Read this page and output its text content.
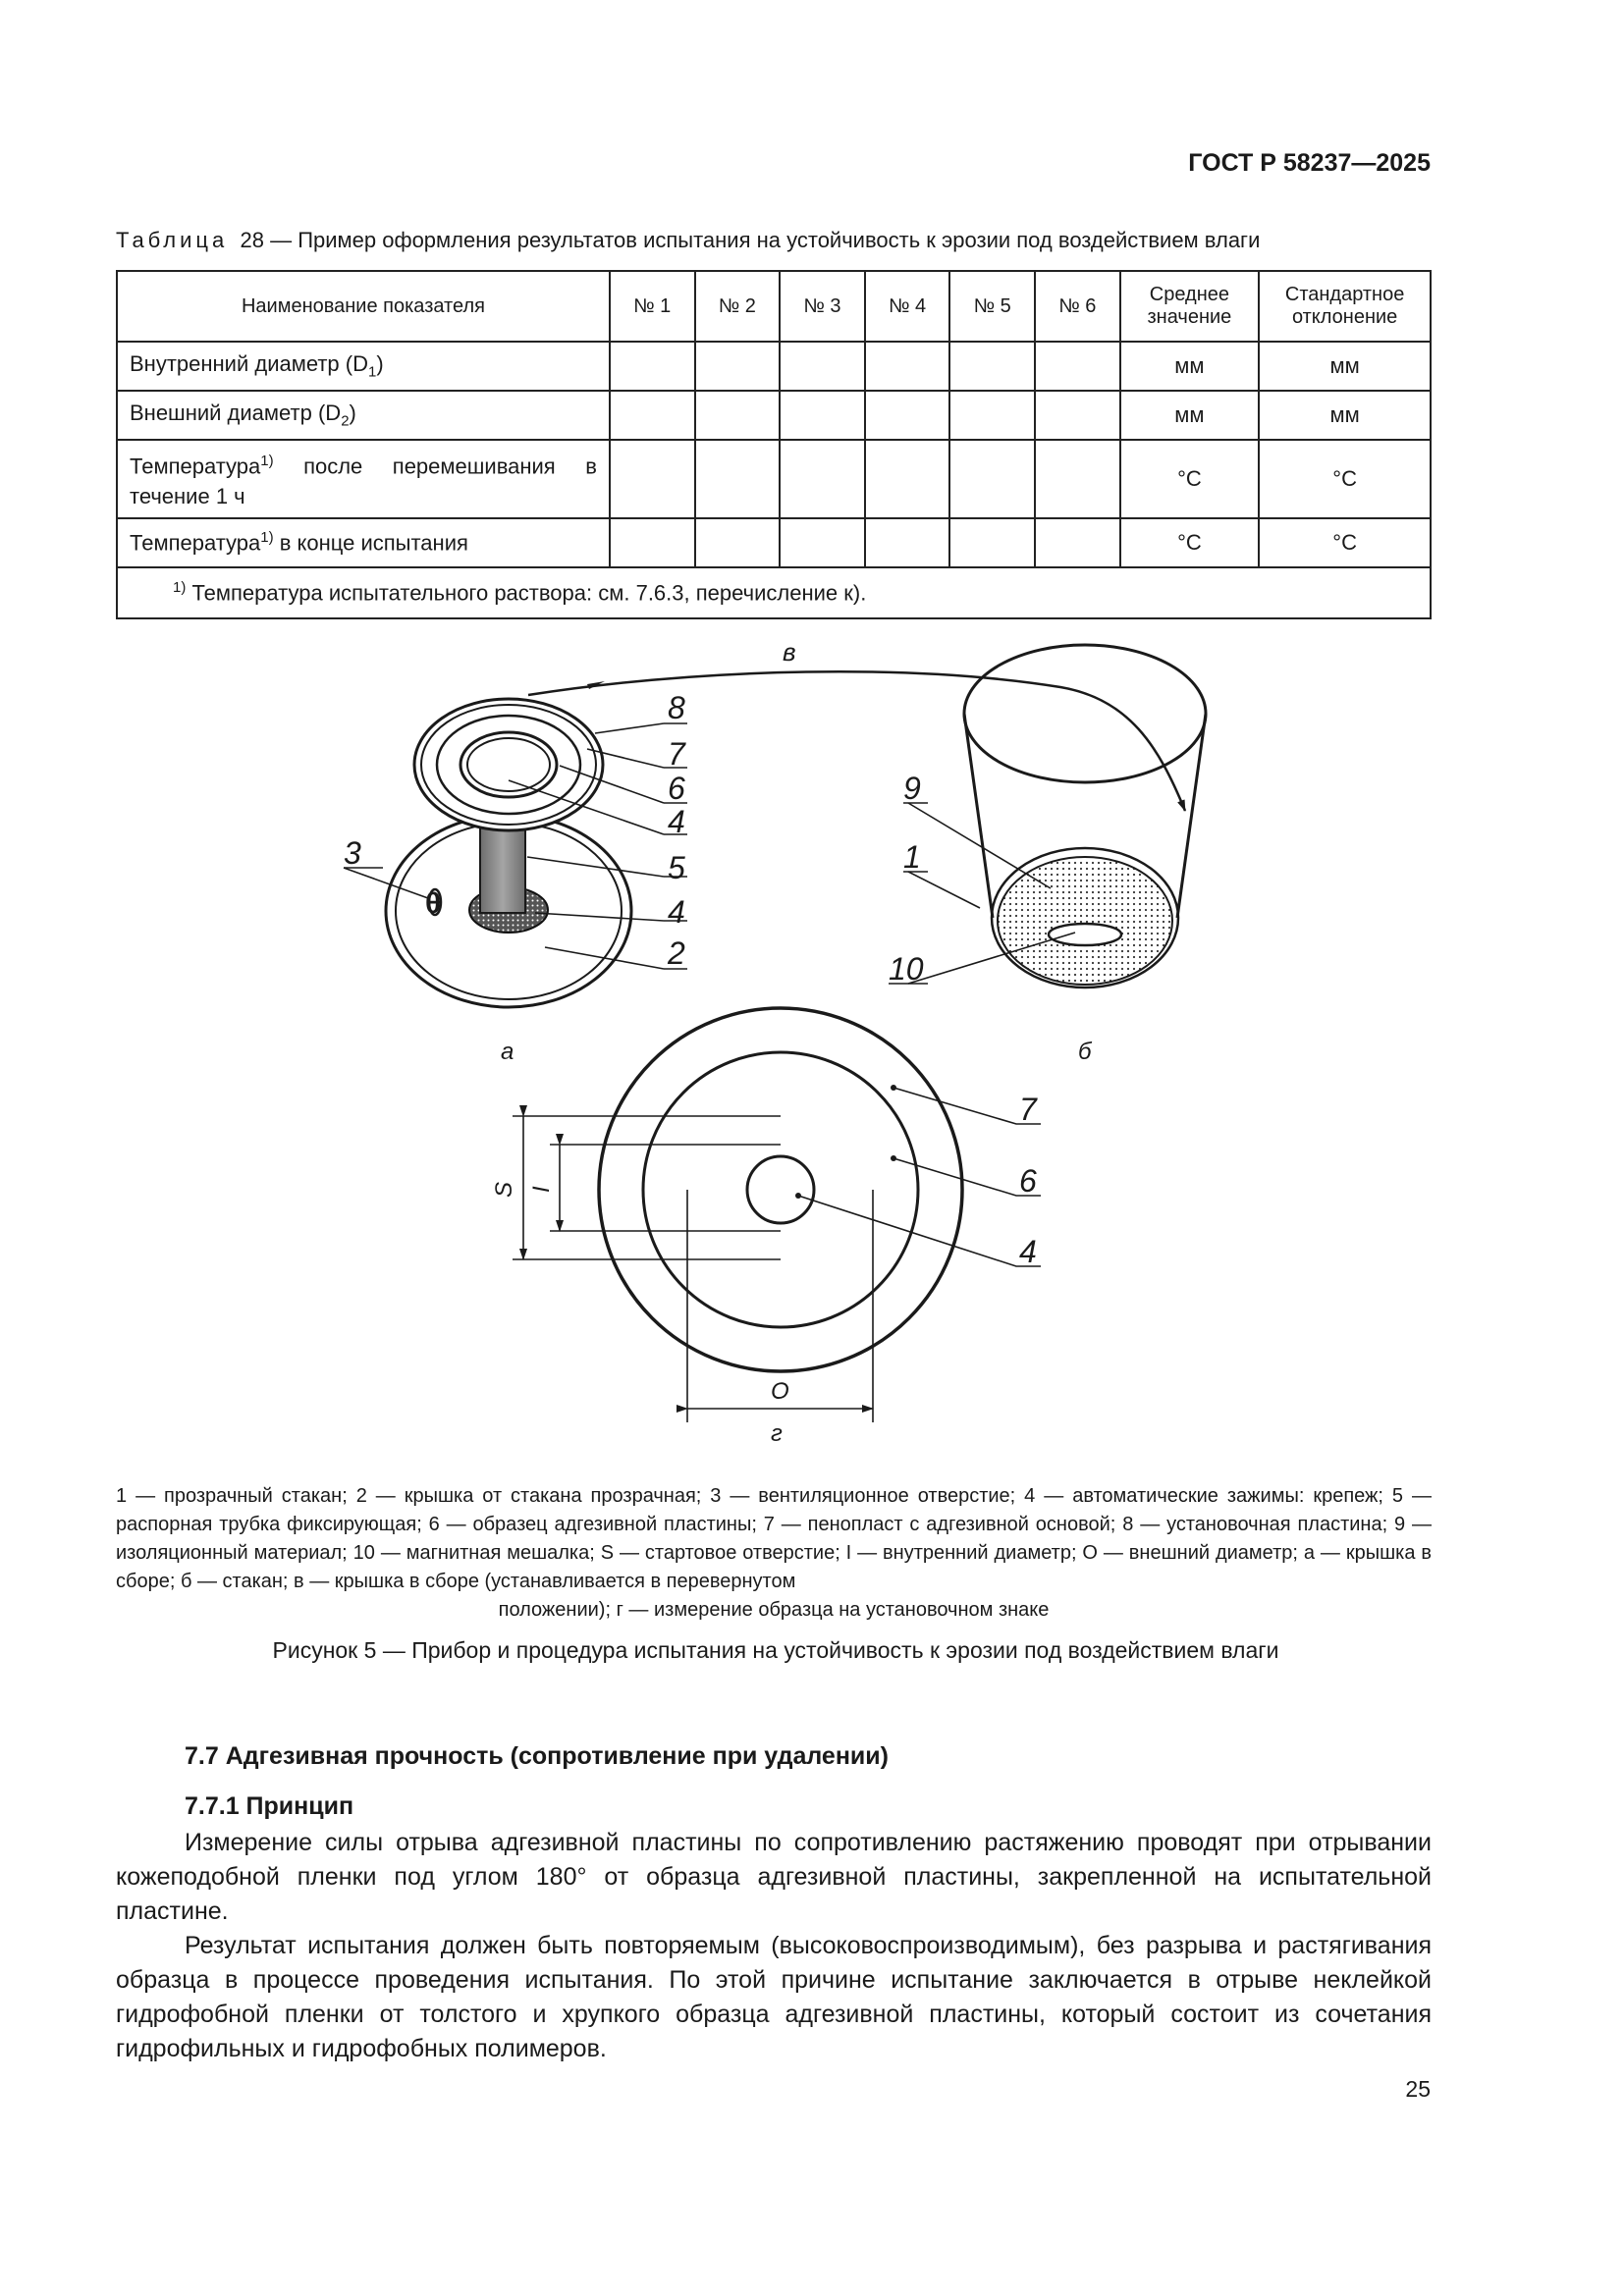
ГОСТ Р 58237—2025
Таблица 28 — Пример оформления результатов испытания на устойчивость к эрозии под воздействием влаги
Наименование показателя	№ 1	№ 2	№ 3	№ 4	№ 5	№ 6	Среднее значение	Стандартное отклонение
Внутренний диаметр $(D_1)$							мм	мм
Внешний диаметр $(D_2)$							мм	мм
Температура$^{1)}$ после перемешивания в течение 1 ч							°C	°C
Температура$^{1)}$ в конце испытания							°C	°C
$^{1)}$ Температура испытательного раствора: см. 7.6.3, перечисление к).								
в
8
7
6
4
5
4
2
3
θ
а
9
1
10
б
7
6
4
S I
O
г
1 — прозрачный стакан; 2 — крышка от стакана прозрачная; 3 — вентиляционное отверстие; 4 — автоматические зажимы: крепеж; 5 — распорная трубка фиксирующая; 6 — образец адгезивной пластины; 7 — пенопласт с адгезивной основой; 8 — установочная пластина; 9 — изоляционный материал; 10 — магнитная мешалка; S — стартовое отверстие; I — внутренний диаметр; O — внешний диаметр; а — крышка в сборе; б — стакан; в — крышка в сборе (устанавливается в перевернутом
положении); г — измерение образца на установочном знаке
Рисунок 5 — Прибор и процедура испытания на устойчивость к эрозии под воздействием влаги
7.7 Адгезивная прочность (сопротивление при удалении)
7.7.1 Принцип
Измерение силы отрыва адгезивной пластины по сопротивлению растяжению проводят при отрывании кожеподобной пленки под углом 180° от образца адгезивной пластины, закрепленной на испытательной пластине.
Результат испытания должен быть повторяемым (высоковоспроизводимым), без разрыва и растягивания образца в процессе проведения испытания. По этой причине испытание заключается в отрыве неклейкой гидрофобной пленки от толстого и хрупкого образца адгезивной пластины, который состоит из сочетания гидрофильных и гидрофобных полимеров.
25
